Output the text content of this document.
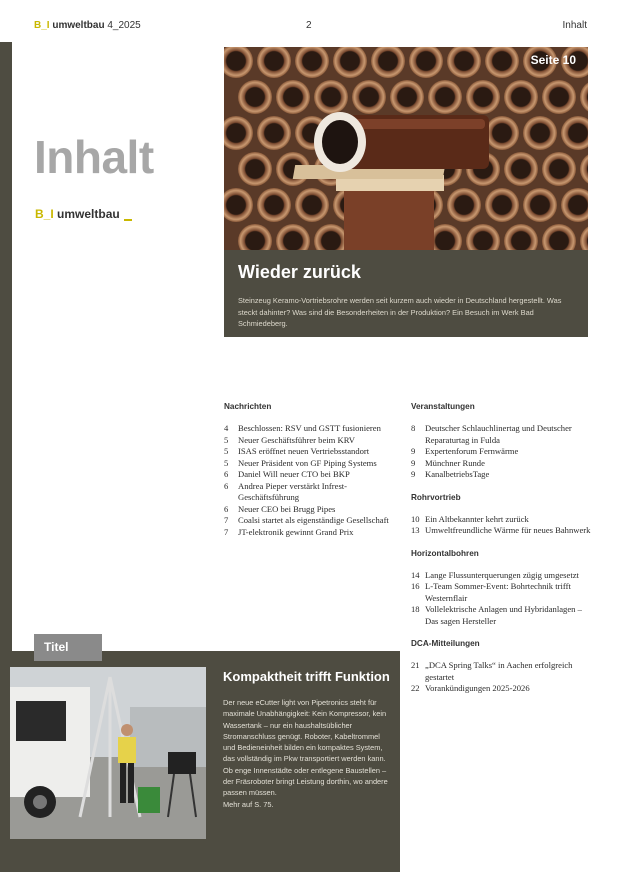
B_I umweltbau 4_2025	2	Inhalt
Inhalt
B_I umweltbau
Seite 10
Wieder zurück

Steinzeug Keramo-Vortriebsrohre werden seit kurzem auch wieder in Deutschland hergestellt. Was steckt dahinter? Was sind die Besonderheiten in der Produktion? Ein Besuch im Werk Bad Schmiedeberg.

Nachrichten
4	Beschlossen: RSV und GSTT fusionieren
5	Neuer Geschäftsführer beim KRV
5	ISAS eröffnet neuen Vertriebsstandort
5	Neuer Präsident von GF Piping Systems
6	Daniel Will neuer CTO bei BKP
6	Andrea Pieper verstärkt Infrest-Geschäftsführung
6	Neuer CEO bei Brugg Pipes
7	Coalsi startet als eigenständige Gesellschaft
7	JT-elektronik gewinnt Grand Prix
Veranstaltungen
8	Deutscher Schlauchlinertag und Deutscher Reparaturtag in Fulda
9	Expertenforum Fernwärme
9	Münchner Runde
9	KanalbetriebsTage
Rohrvortrieb
10 Ein Altbekannter kehrt zurück
13 Umweltfreundliche Wärme für neues Bahnwerk
Horizontalbohren
14 Lange Flussunterquerungen zügig umgesetzt
16 L-Team Sommer-Event: Bohrtechnik trifft Westernflair
18 Vollelektrische Anlagen und Hybridanlagen – Das sagen Hersteller
DCA-Mitteilungen
21 „DCA Spring Talks“ in Aachen erfolgreich gestartet
22 Vorankündigungen 2025-2026
Titel
Kompaktheit trifft Funktion

Der neue eCutter light von Pipetronics steht für maximale Unabhängigkeit: Kein Kompressor, kein Wassertank – nur ein haushaltsüblicher Stromanschluss genügt. Roboter, Kabeltrommel und Bedieneinheit bilden ein kompaktes System, das vollständig im Pkw transportiert werden kann. Ob enge Innenstädte oder entlegene Baustellen – der Fräsroboter bringt Leistung dorthin, wo andere passen müssen.
Mehr auf S. 75.
